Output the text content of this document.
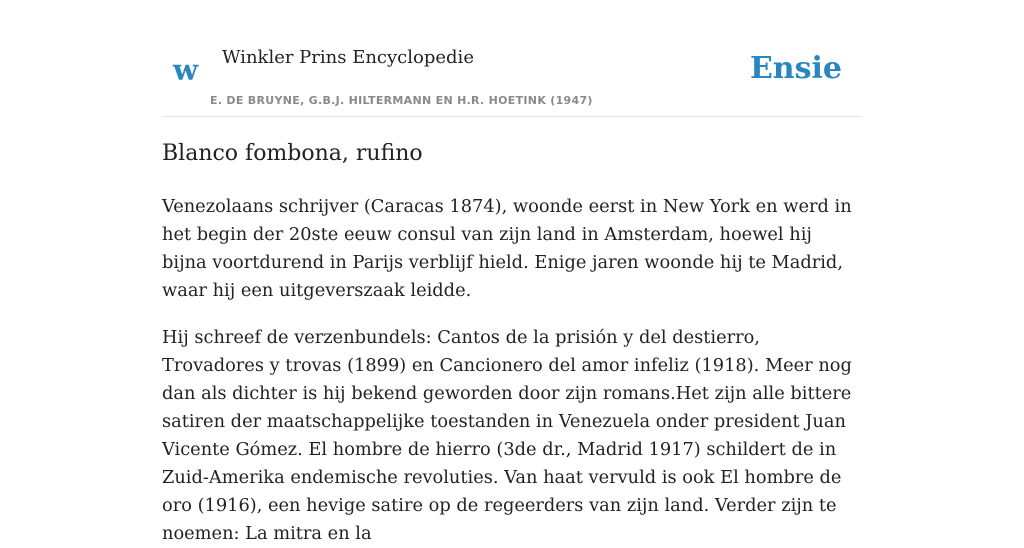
w Winkler Prins Encyclopedie
E. DE BRUYNE, G.B.J. HILTERMANN EN H.R. HOETINK (1947)
Ensie
Blanco fombona, rufino

Venezolaans schrijver (Caracas 1874), woonde eerst in New York en werd in het begin der 20ste eeuw consul van zijn land in Amsterdam, hoewel hij bijna voortdurend in Parijs verblijf hield. Enige jaren woonde hij te Madrid, waar hij een uitgeverszaak leidde.

Hij schreef de verzenbundels: Cantos de la prisión y del destierro, Trovadores y trovas (1899) en Cancionero del amor infeliz (1918). Meer nog dan als dichter is hij bekend geworden door zijn romans.Het zijn alle bittere satiren der maatschappelijke toestanden in Venezuela onder president Juan Vicente Gómez. El hombre de hierro (3de dr., Madrid 1917) schildert de in Zuid-Amerika endemische revoluties. Van haat vervuld is ook El hombre de oro (1916), een hevige satire op de regeerders van zijn land. Verder zijn te noemen: La mitra en la
